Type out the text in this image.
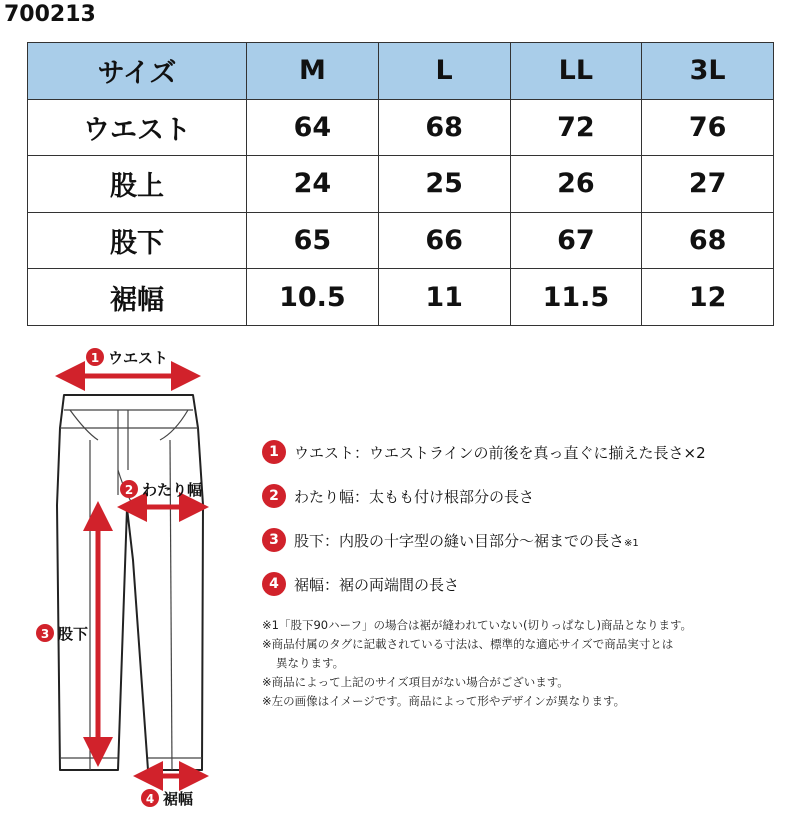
700213
サイズ	M	L	LL	3L
ウエスト	64	68	72	76
股上	24	25	26	27
股下	65	66	67	68
裾幅	10.5	11	11.5	12
1 ウエスト
2 わたり幅
3 股下
4 裾幅
1	ウエスト：ウエストラインの前後を真っ直ぐに揃えた長さ×2
2	わたり幅：太もも付け根部分の長さ
3	股下：内股の十字型の縫い目部分～裾までの長さ※1
4	裾幅：裾の両端間の長さ
※1「股下90ハーフ」の場合は裾が縫われていない(切りっぱなし)商品となります。
※商品付属のタグに記載されている寸法は、標準的な適応サイズで商品実寸とは
異なります。
※商品によって上記のサイズ項目がない場合がございます。
※左の画像はイメージです。商品によって形やデザインが異なります。
